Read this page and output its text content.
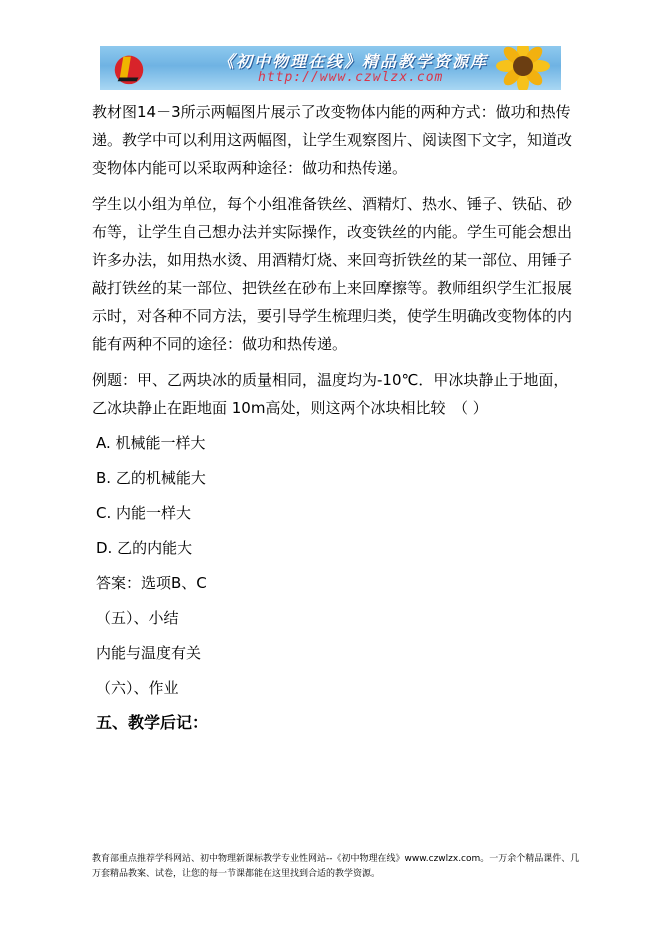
《初中物理在线》精品教学资源库
http://www.czwlzx.com

教材图14－3所示两幅图片展示了改变物体内能的两种方式：做功和热传递。教学中可以利用这两幅图，让学生观察图片、阅读图下文字，知道改变物体内能可以采取两种途径：做功和热传递。

学生以小组为单位，每个小组准备铁丝、酒精灯、热水、锤子、铁砧、砂布等，让学生自己想办法并实际操作，改变铁丝的内能。学生可能会想出许多办法，如用热水烫、用酒精灯烧、来回弯折铁丝的某一部位、用锤子敲打铁丝的某一部位、把铁丝在砂布上来回摩擦等。教师组织学生汇报展示时，对各种不同方法，要引导学生梳理归类，使学生明确改变物体的内能有两种不同的途径：做功和热传递。

例题：甲、乙两块冰的质量相同，温度均为-10℃．甲冰块静止于地面，乙冰块静止在距地面 10m高处，则这两个冰块相比较　（ ）

A. 机械能一样大

B. 乙的机械能大

C. 内能一样大

D. 乙的内能大

答案：选项B、C

（五）、小结

内能与温度有关

（六）、作业

五、教学后记：

教育部重点推荐学科网站、初中物理新课标教学专业性网站--《初中物理在线》www.czwlzx.com。一万余个精品课件、几万套精品教案、试卷，让您的每一节课都能在这里找到合适的教学资源。
